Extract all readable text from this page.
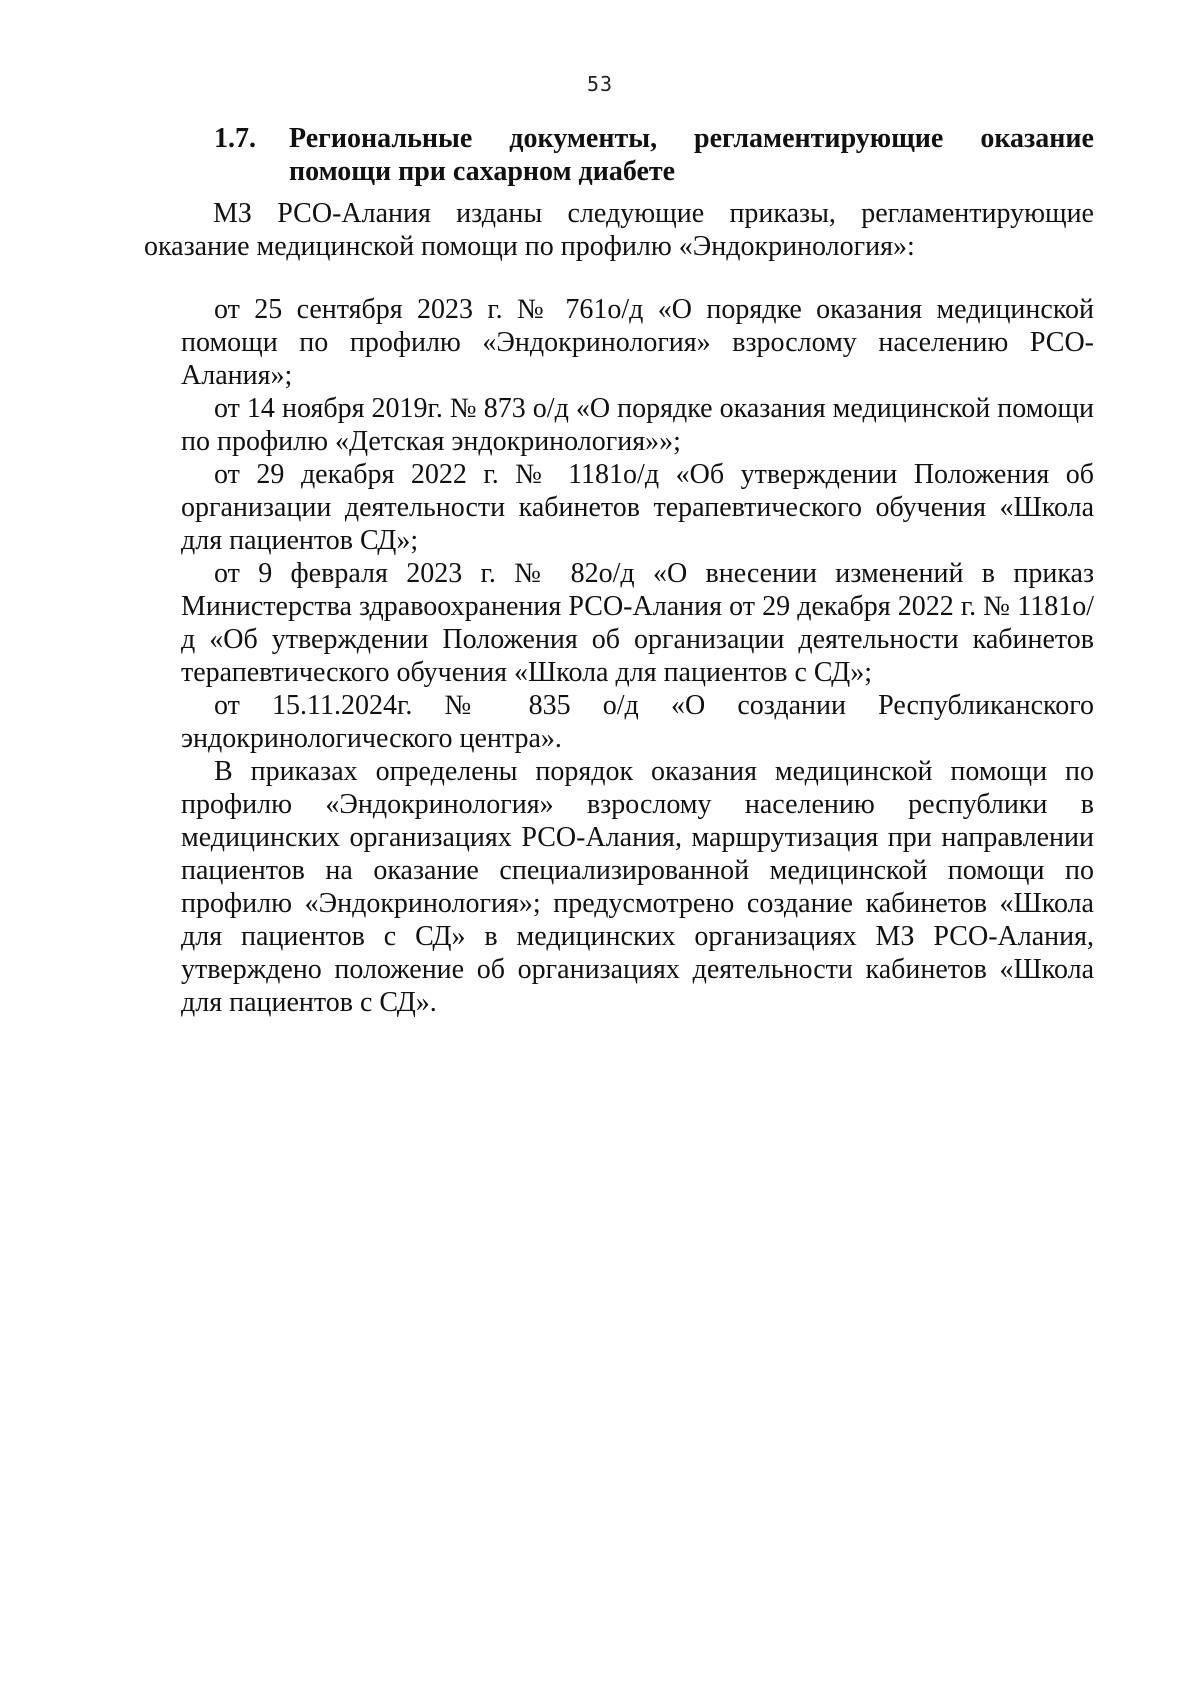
53
1.7. Региональные документы, регламентирующие оказание помощи при сахарном диабете
МЗ РСО-Алания изданы следующие приказы, регламентирующие оказание медицинской помощи по профилю «Эндокринология»:

от 25 сентября 2023 г. № 761о/д «О порядке оказания медицинской помощи по профилю «Эндокринология» взрослому населению РСО-Алания»;

от 14 ноября 2019г. № 873 о/д «О порядке оказания медицинской помощи по профилю «Детская эндокринология»»;

от 29 декабря 2022 г. № 1181о/д «Об утверждении Положения об организации деятельности кабинетов терапевтического обучения «Школа для пациентов СД»;

от 9 февраля 2023 г. № 82о/д «О внесении изменений в приказ Министерства здравоохранения РСО-Алания от 29 декабря 2022 г. № 1181о/д «Об утверждении Положения об организации деятельности кабинетов терапевтического обучения «Школа для пациентов с СД»;

от 15.11.2024г. № 835 о/д «О создании Республиканского эндокринологического центра».

В приказах определены порядок оказания медицинской помощи по профилю «Эндокринология» взрослому населению республики в медицинских организациях РСО-Алания, маршрутизация при направлении пациентов на оказание специализированной медицинской помощи по профилю «Эндокринология»; предусмотрено создание кабинетов «Школа для пациентов с СД» в медицинских организациях МЗ РСО-Алания, утверждено положение об организациях деятельности кабинетов «Школа для пациентов с СД».
